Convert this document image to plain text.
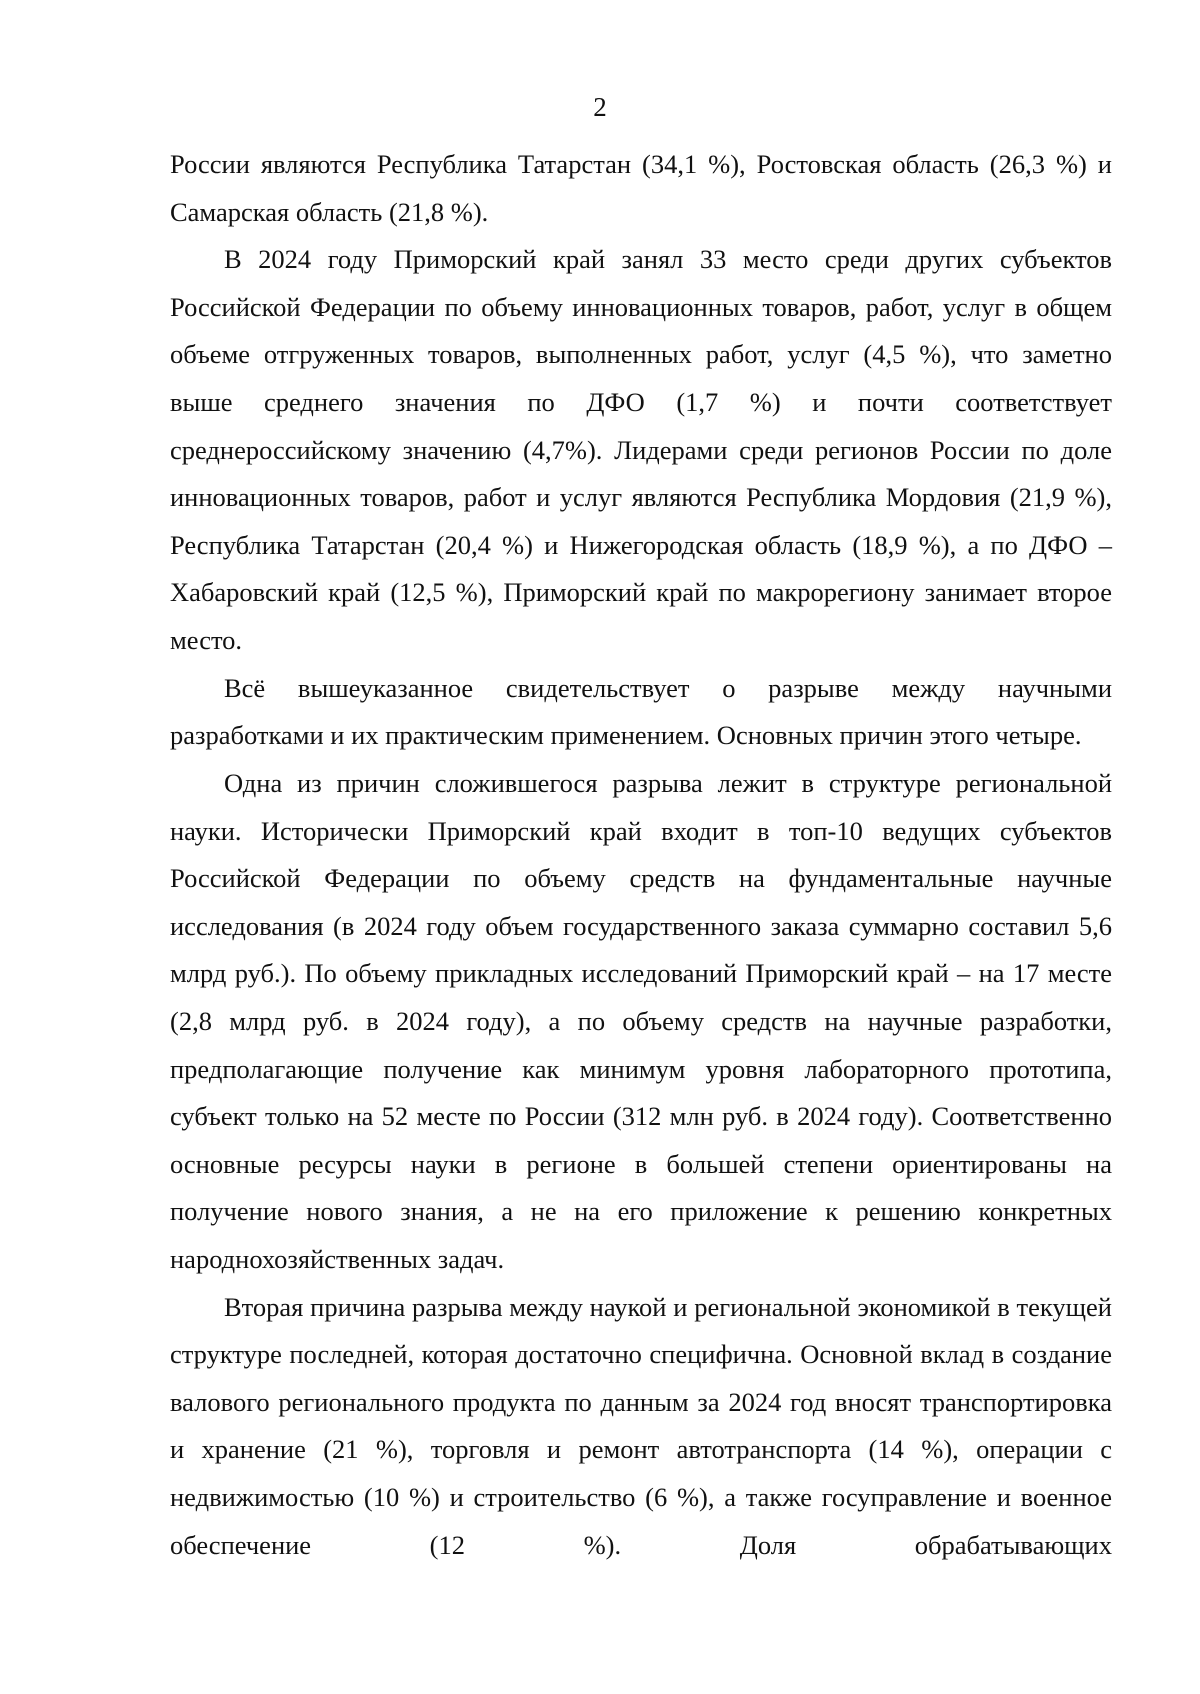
2

России являются Республика Татарстан (34,1 %), Ростовская область (26,3 %) и Самарская область (21,8 %).

В 2024 году Приморский край занял 33 место среди других субъектов Российской Федерации по объему инновационных товаров, работ, услуг в общем объеме отгруженных товаров, выполненных работ, услуг (4,5 %), что заметно выше среднего значения по ДФО (1,7 %) и почти соответствует среднероссийскому значению (4,7%). Лидерами среди регионов России по доле инновационных товаров, работ и услуг являются Республика Мордовия (21,9 %), Республика Татарстан (20,4 %) и Нижегородская область (18,9 %), а по ДФО – Хабаровский край (12,5 %), Приморский край по макрорегиону занимает второе место.

Всё вышеуказанное свидетельствует о разрыве между научными разработками и их практическим применением. Основных причин этого четыре.

Одна из причин сложившегося разрыва лежит в структуре региональной науки. Исторически Приморский край входит в топ-10 ведущих субъектов Российской Федерации по объему средств на фундаментальные научные исследования (в 2024 году объем государственного заказа суммарно составил 5,6 млрд руб.). По объему прикладных исследований Приморский край – на 17 месте (2,8 млрд руб. в 2024 году), а по объему средств на научные разработки, предполагающие получение как минимум уровня лабораторного прототипа, субъект только на 52 месте по России (312 млн руб. в 2024 году). Соответственно основные ресурсы науки в регионе в большей степени ориентированы на получение нового знания, а не на его приложение к решению конкретных народнохозяйственных задач.

Вторая причина разрыва между наукой и региональной экономикой в текущей структуре последней, которая достаточно специфична. Основной вклад в создание валового регионального продукта по данным за 2024 год вносят транспортировка и хранение (21 %), торговля и ремонт автотранспорта (14 %), операции с недвижимостью (10 %) и строительство (6 %), а также госуправление и военное обеспечение (12 %). Доля обрабатывающих
